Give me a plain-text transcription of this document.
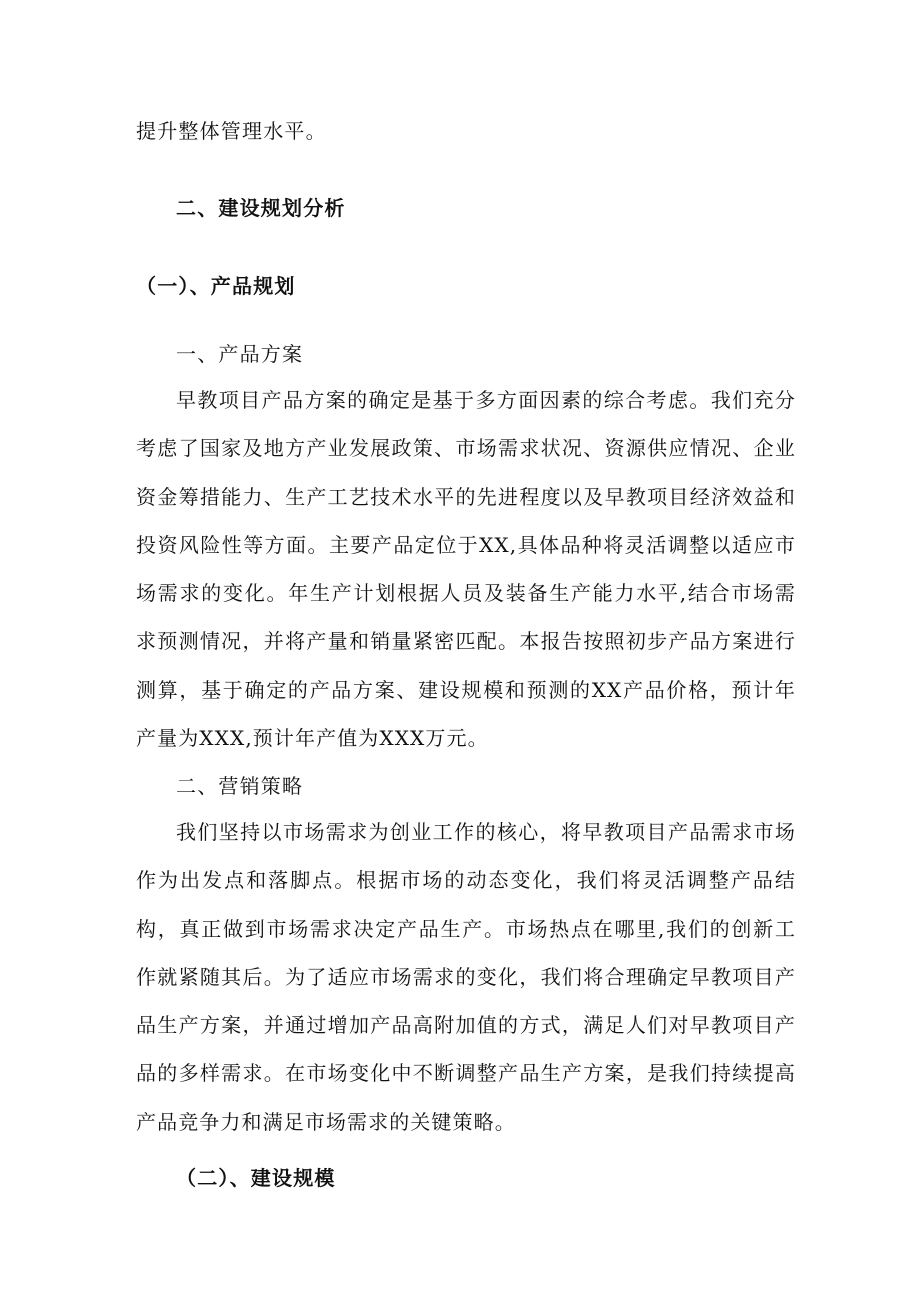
提升整体管理水平。
二、建设规划分析
（一）、产品规划
一、产品方案

早教项目产品方案的确定是基于多方面因素的综合考虑。我们充分考虑了国家及地方产业发展政策、市场需求状况、资源供应情况、企业资金筹措能力、生产工艺技术水平的先进程度以及早教项目经济效益和投资风险性等方面。主要产品定位于XX,具体品种将灵活调整以适应市场需求的变化。年生产计划根据人员及装备生产能力水平,结合市场需求预测情况，并将产量和销量紧密匹配。本报告按照初步产品方案进行测算，基于确定的产品方案、建设规模和预测的XX产品价格，预计年产量为XXX,预计年产值为XXX万元。

二、营销策略

我们坚持以市场需求为创业工作的核心，将早教项目产品需求市场作为出发点和落脚点。根据市场的动态变化，我们将灵活调整产品结构，真正做到市场需求决定产品生产。市场热点在哪里,我们的创新工作就紧随其后。为了适应市场需求的变化，我们将合理确定早教项目产品生产方案，并通过增加产品高附加值的方式，满足人们对早教项目产品的多样需求。在市场变化中不断调整产品生产方案，是我们持续提高产品竞争力和满足市场需求的关键策略。

（二）、建设规模
